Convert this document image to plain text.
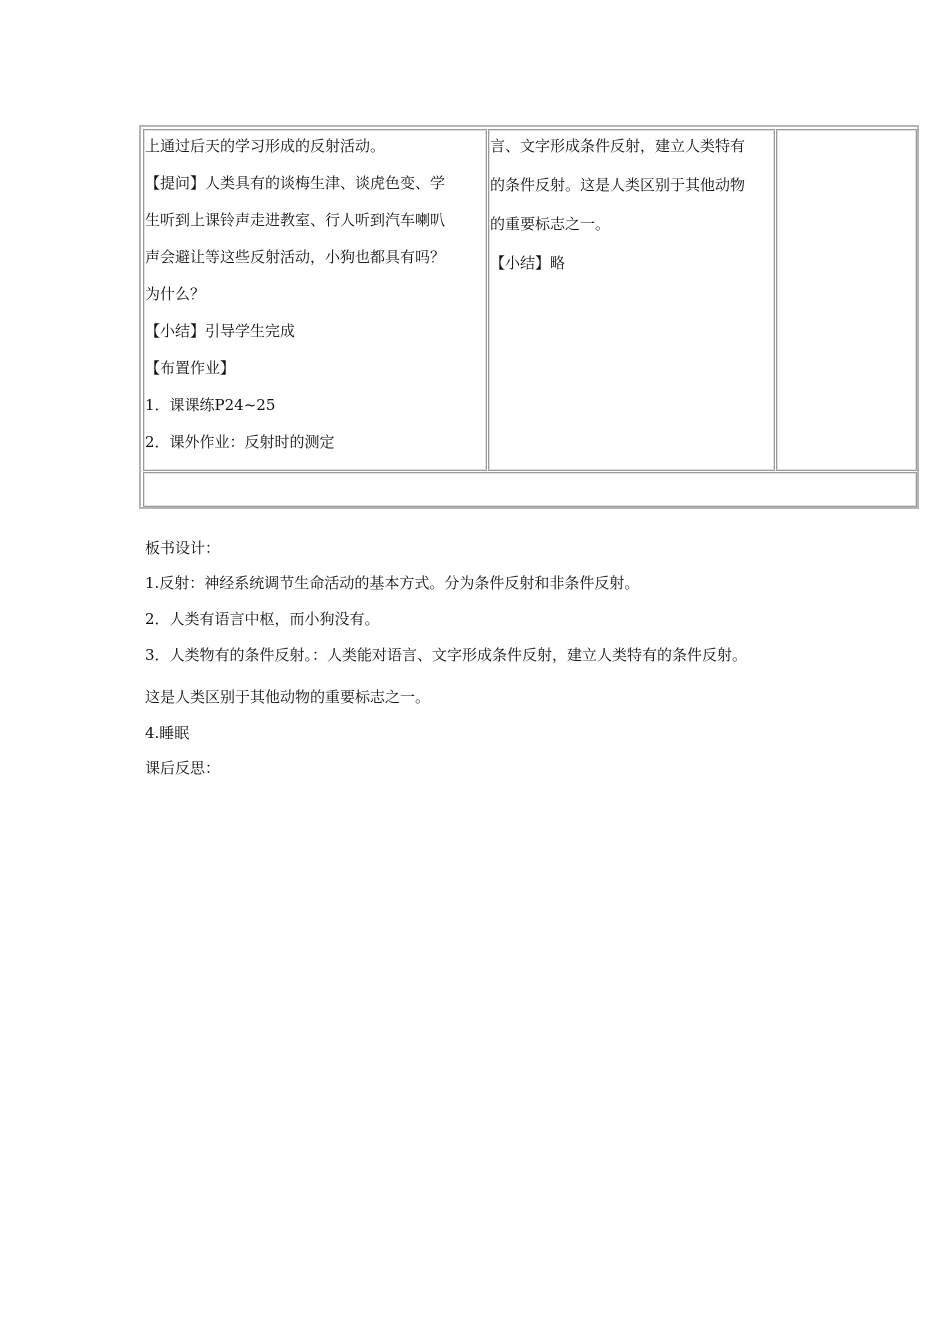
上通过后天的学习形成的反射活动。
【提问】人类具有的谈梅生津、谈虎色变、学
生听到上课铃声走进教室、行人听到汽车喇叭
声会避让等这些反射活动，小狗也都具有吗？
为什么？
【小结】引导学生完成
【布置作业】
1．课课练P24~25
2．课外作业：反射时的测定
言、文字形成条件反射，建立人类特有
的条件反射。这是人类区别于其他动物
的重要标志之一。
【小结】略
板书设计：
1.反射：神经系统调节生命活动的基本方式。分为条件反射和非条件反射。
2．人类有语言中枢，而小狗没有。
3．人类物有的条件反射。：人类能对语言、文字形成条件反射，建立人类特有的条件反射。
这是人类区别于其他动物的重要标志之一。
4.睡眠
课后反思：
